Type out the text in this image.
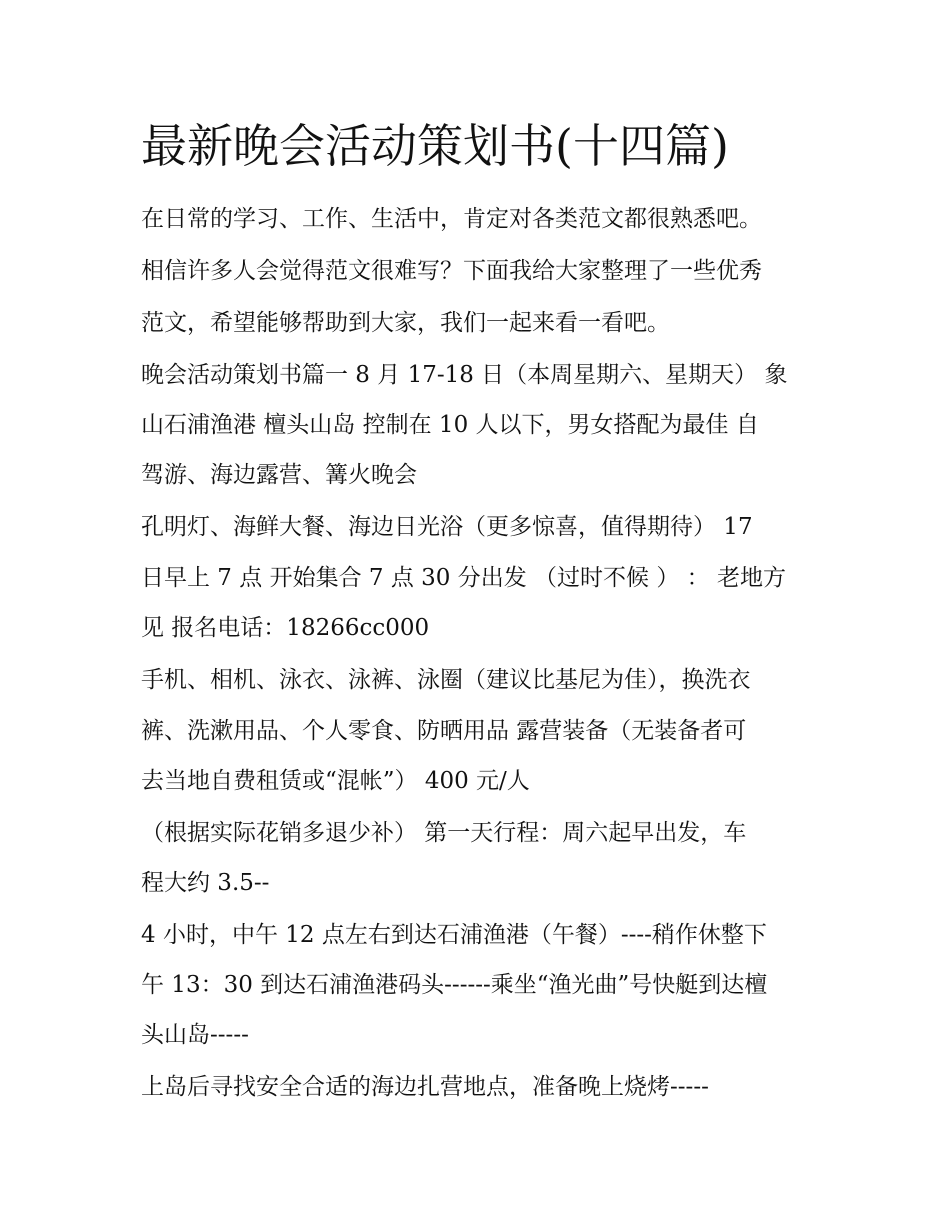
最新晚会活动策划书(十四篇)

在日常的学习、工作、生活中，肯定对各类范文都很熟悉吧。

相信许多人会觉得范文很难写？下面我给大家整理了一些优秀

范文，希望能够帮助到大家，我们一起来看一看吧。

晚会活动策划书篇一 8 月 17-18 日（本周星期六、星期天） 象

山石浦渔港 檀头山岛 控制在 10 人以下，男女搭配为最佳 自

驾游、海边露营、篝火晚会

孔明灯、海鲜大餐、海边日光浴（更多惊喜，值得期待） 17

日早上 7 点 开始集合 7 点 30 分出发 （过时不候 ） ： 老地方

见 报名电话：18266cc000

手机、相机、泳衣、泳裤、泳圈（建议比基尼为佳），换洗衣

裤、洗漱用品、个人零食、防晒用品 露营装备（无装备者可

去当地自费租赁或“混帐”） 400 元/人

（根据实际花销多退少补） 第一天行程：周六起早出发，车

程大约 3.5--

4 小时，中午 12 点左右到达石浦渔港（午餐）----稍作休整下

午 13：30 到达石浦渔港码头------乘坐“渔光曲”号快艇到达檀

头山岛-----

上岛后寻找安全合适的海边扎营地点，准备晚上烧烤-----
